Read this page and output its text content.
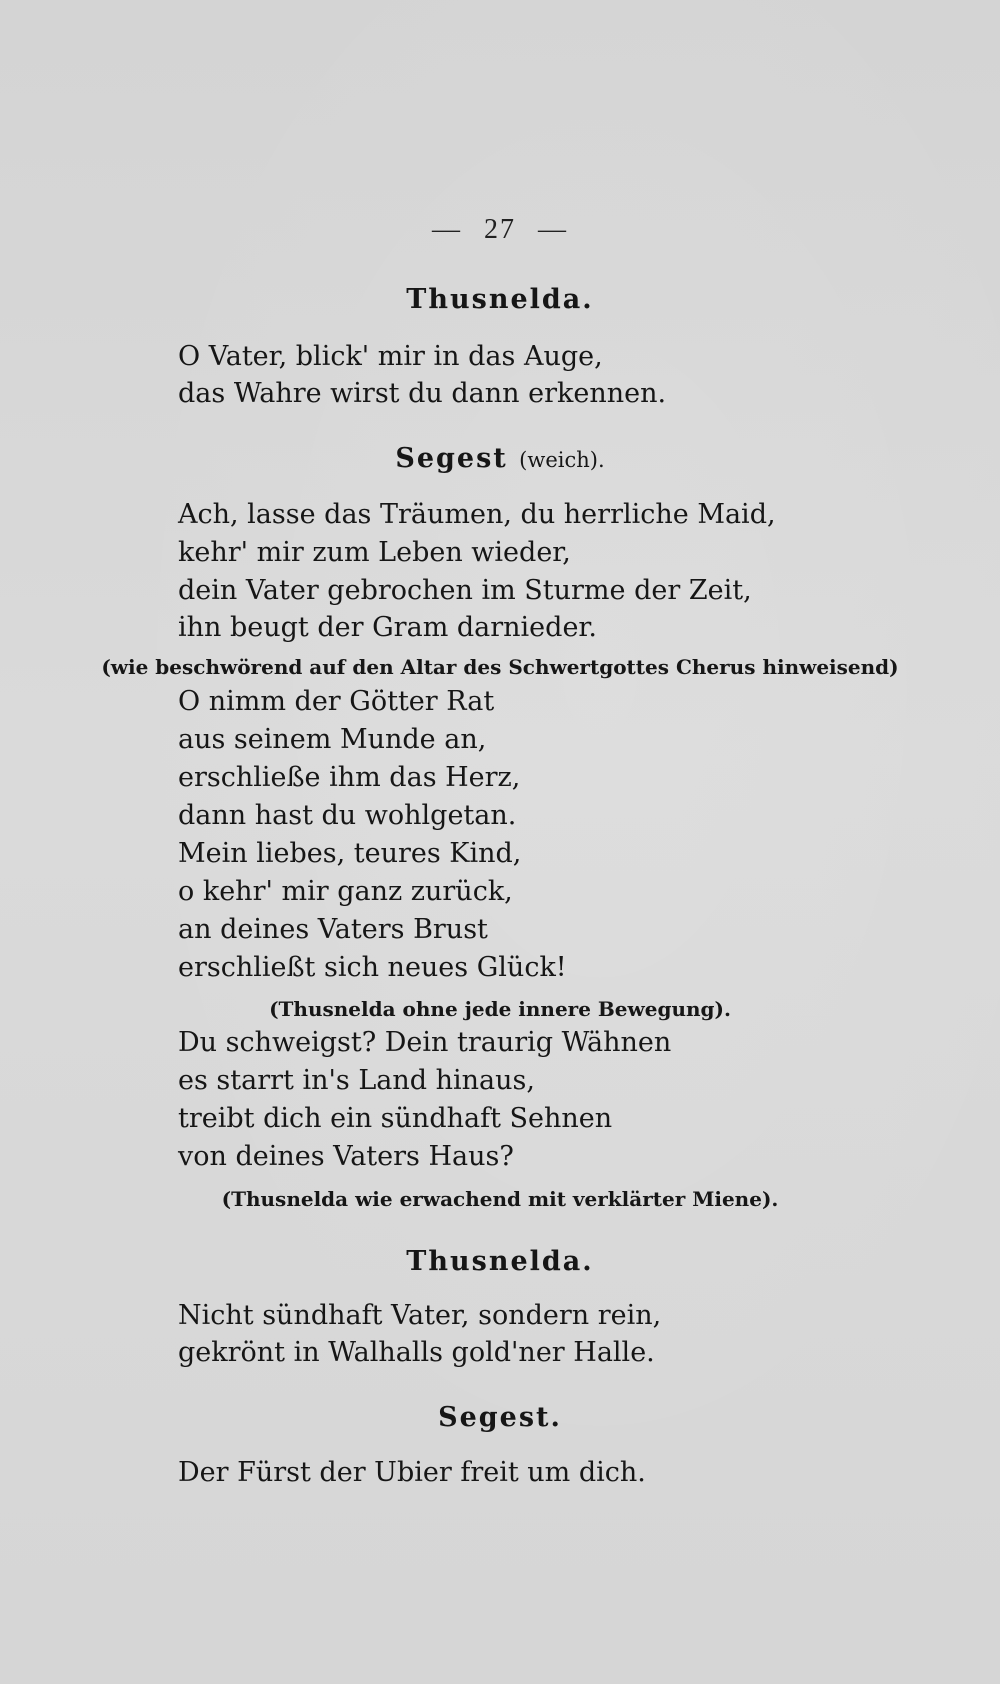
— 27 —
Thusnelda.
O Vater, blick' mir in das Auge,
das Wahre wirst du dann erkennen.
Segest (weich).
Ach, lasse das Träumen, du herrliche Maid,
kehr' mir zum Leben wieder,
dein Vater gebrochen im Sturme der Zeit,
ihn beugt der Gram darnieder.
(wie beschwörend auf den Altar des Schwertgottes Cherus hinweisend)
O nimm der Götter Rat
aus seinem Munde an,
erschließe ihm das Herz,
dann hast du wohlgetan.
Mein liebes, teures Kind,
o kehr' mir ganz zurück,
an deines Vaters Brust
erschließt sich neues Glück!
(Thusnelda ohne jede innere Bewegung).
Du schweigst? Dein traurig Wähnen
es starrt in's Land hinaus,
treibt dich ein sündhaft Sehnen
von deines Vaters Haus?
(Thusnelda wie erwachend mit verklärter Miene).
Thusnelda.
Nicht sündhaft Vater, sondern rein,
gekrönt in Walhalls gold'ner Halle.
Segest.
Der Fürst der Ubier freit um dich.
